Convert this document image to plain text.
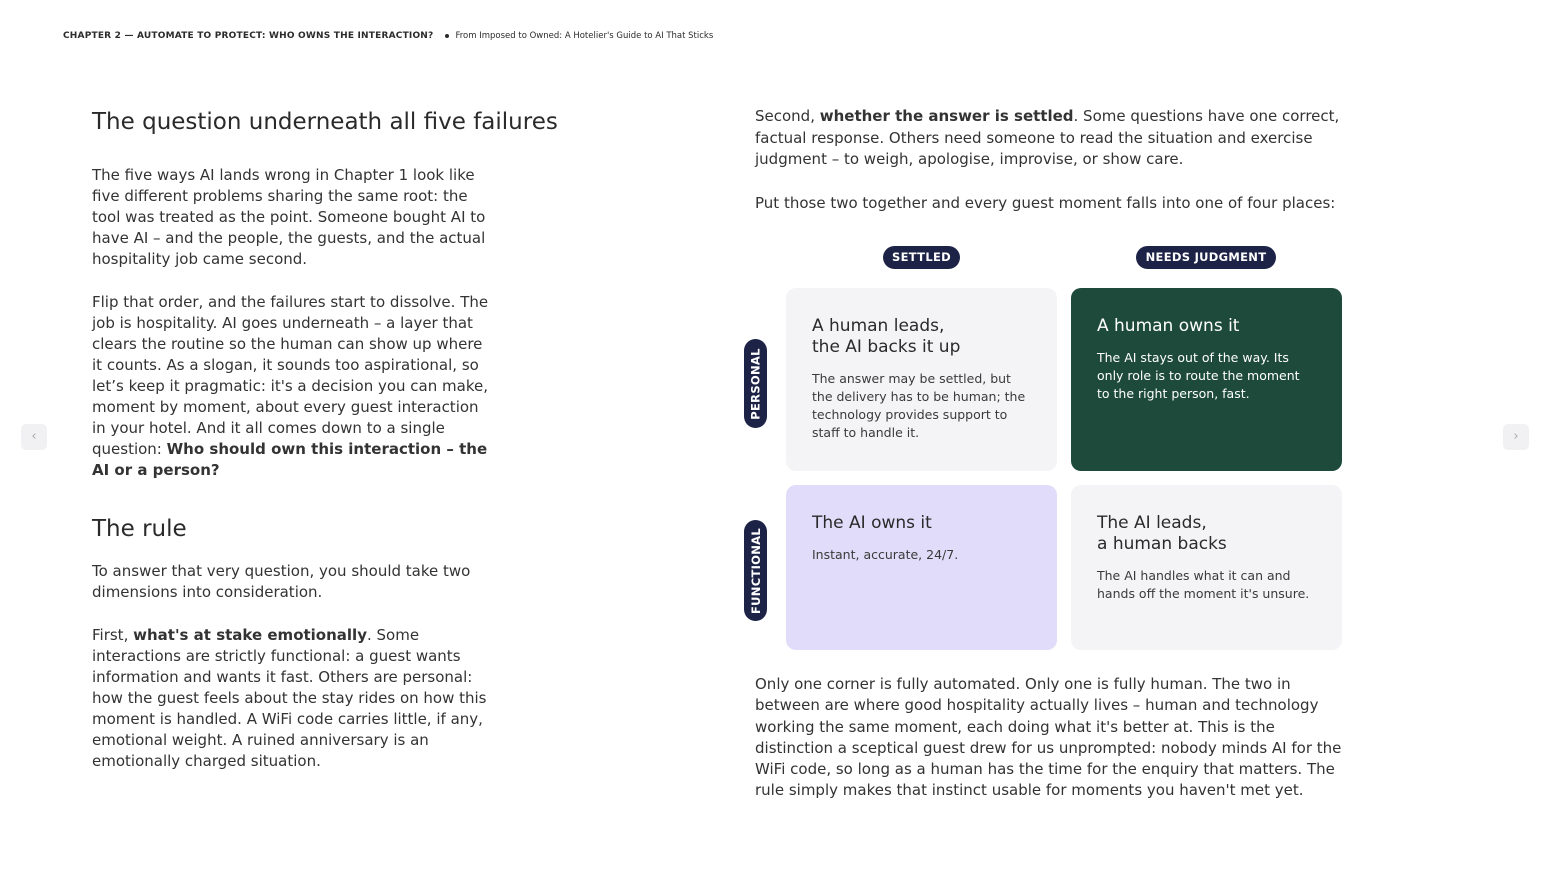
CHAPTER 2 — AUTOMATE TO PROTECT: WHO OWNS THE INTERACTION?	From Imposed to Owned: A Hotelier's Guide to AI That Sticks
‹	›
The question underneath all five failures

The five ways AI lands wrong in Chapter 1 look like five different problems sharing the same root: the tool was treated as the point. Someone bought AI to have AI – and the people, the guests, and the actual hospitality job came second.

Flip that order, and the failures start to dissolve. The job is hospitality. AI goes underneath – a layer that clears the routine so the human can show up where it counts. As a slogan, it sounds too aspirational, so let’s keep it pragmatic: it's a decision you can make, moment by moment, about every guest interaction in your hotel. And it all comes down to a single question: Who should own this interaction – the AI or a person?

The rule

To answer that very question, you should take two dimensions into consideration.

First, what's at stake emotionally. Some interactions are strictly functional: a guest wants information and wants it fast. Others are personal: how the guest feels about the stay rides on how this moment is handled. A WiFi code carries little, if any, emotional weight. A ruined anniversary is an emotionally charged situation.

Second, whether the answer is settled. Some questions have one correct, factual response. Others need someone to read the situation and exercise judgment – to weigh, apologise, improvise, or show care.

Put those two together and every guest moment falls into one of four places:

SETTLED	NEEDS JUDGMENT
PERSONAL
FUNCTIONAL
A human leads,
the AI backs it up
The answer may be settled, but the delivery has to be human; the technology provides support to staff to handle it.
A human owns it
The AI stays out of the way. Its only role is to route the moment to the right person, fast.
The AI owns it
Instant, accurate, 24/7.
The AI leads,
a human backs
The AI handles what it can and hands off the moment it's unsure.

Only one corner is fully automated. Only one is fully human. The two in between are where good hospitality actually lives – human and technology working the same moment, each doing what it's better at. This is the distinction a sceptical guest drew for us unprompted: nobody minds AI for the WiFi code, so long as a human has the time for the enquiry that matters. The rule simply makes that instinct usable for moments you haven't met yet.
